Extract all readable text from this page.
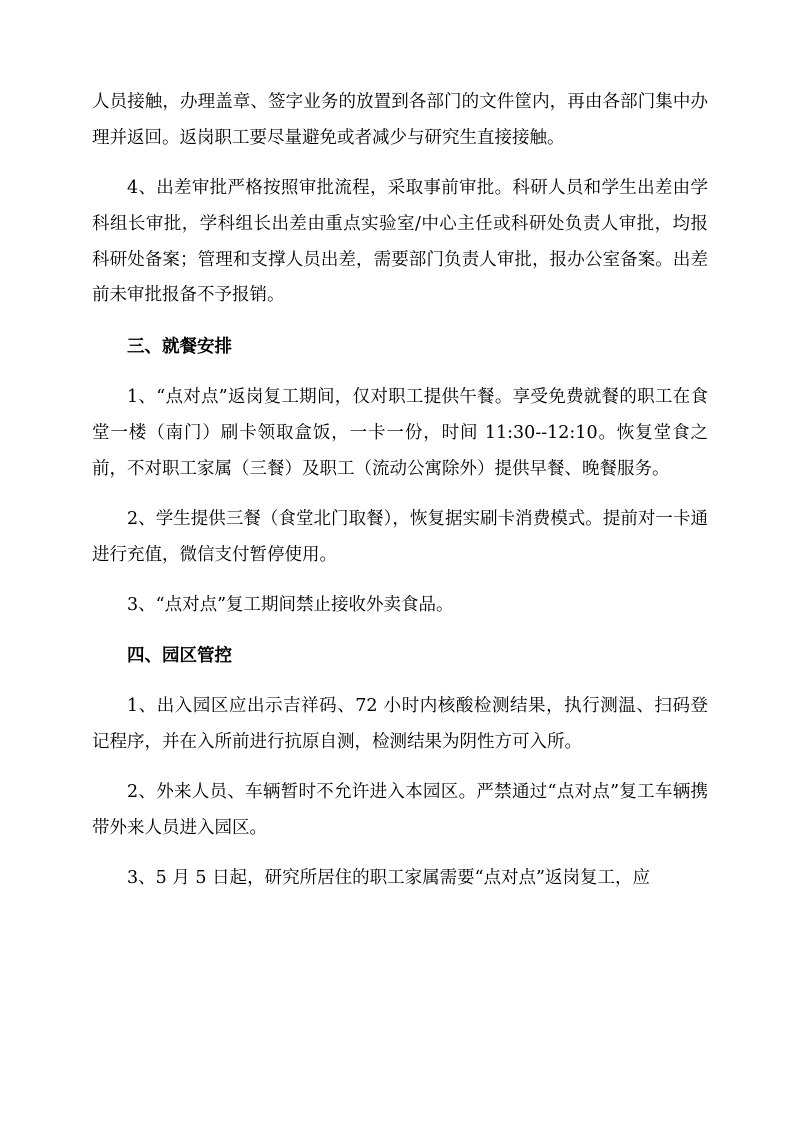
人员接触，办理盖章、签字业务的放置到各部门的文件筐内，再由各部门集中办理并返回。返岗职工要尽量避免或者减少与研究生直接接触。

4、出差审批严格按照审批流程，采取事前审批。科研人员和学生出差由学科组长审批，学科组长出差由重点实验室/中心主任或科研处负责人审批，均报科研处备案；管理和支撑人员出差，需要部门负责人审批，报办公室备案。出差前未审批报备不予报销。

三、就餐安排

1、“点对点”返岗复工期间，仅对职工提供午餐。享受免费就餐的职工在食堂一楼（南门）刷卡领取盒饭，一卡一份，时间 11:30--12:10。恢复堂食之前，不对职工家属（三餐）及职工（流动公寓除外）提供早餐、晚餐服务。

2、学生提供三餐（食堂北门取餐），恢复据实刷卡消费模式。提前对一卡通进行充值，微信支付暂停使用。

3、“点对点”复工期间禁止接收外卖食品。

四、园区管控

1、出入园区应出示吉祥码、72 小时内核酸检测结果，执行测温、扫码登记程序，并在入所前进行抗原自测，检测结果为阴性方可入所。

2、外来人员、车辆暂时不允许进入本园区。严禁通过“点对点”复工车辆携带外来人员进入园区。

3、5 月 5 日起，研究所居住的职工家属需要“点对点”返岗复工，应
